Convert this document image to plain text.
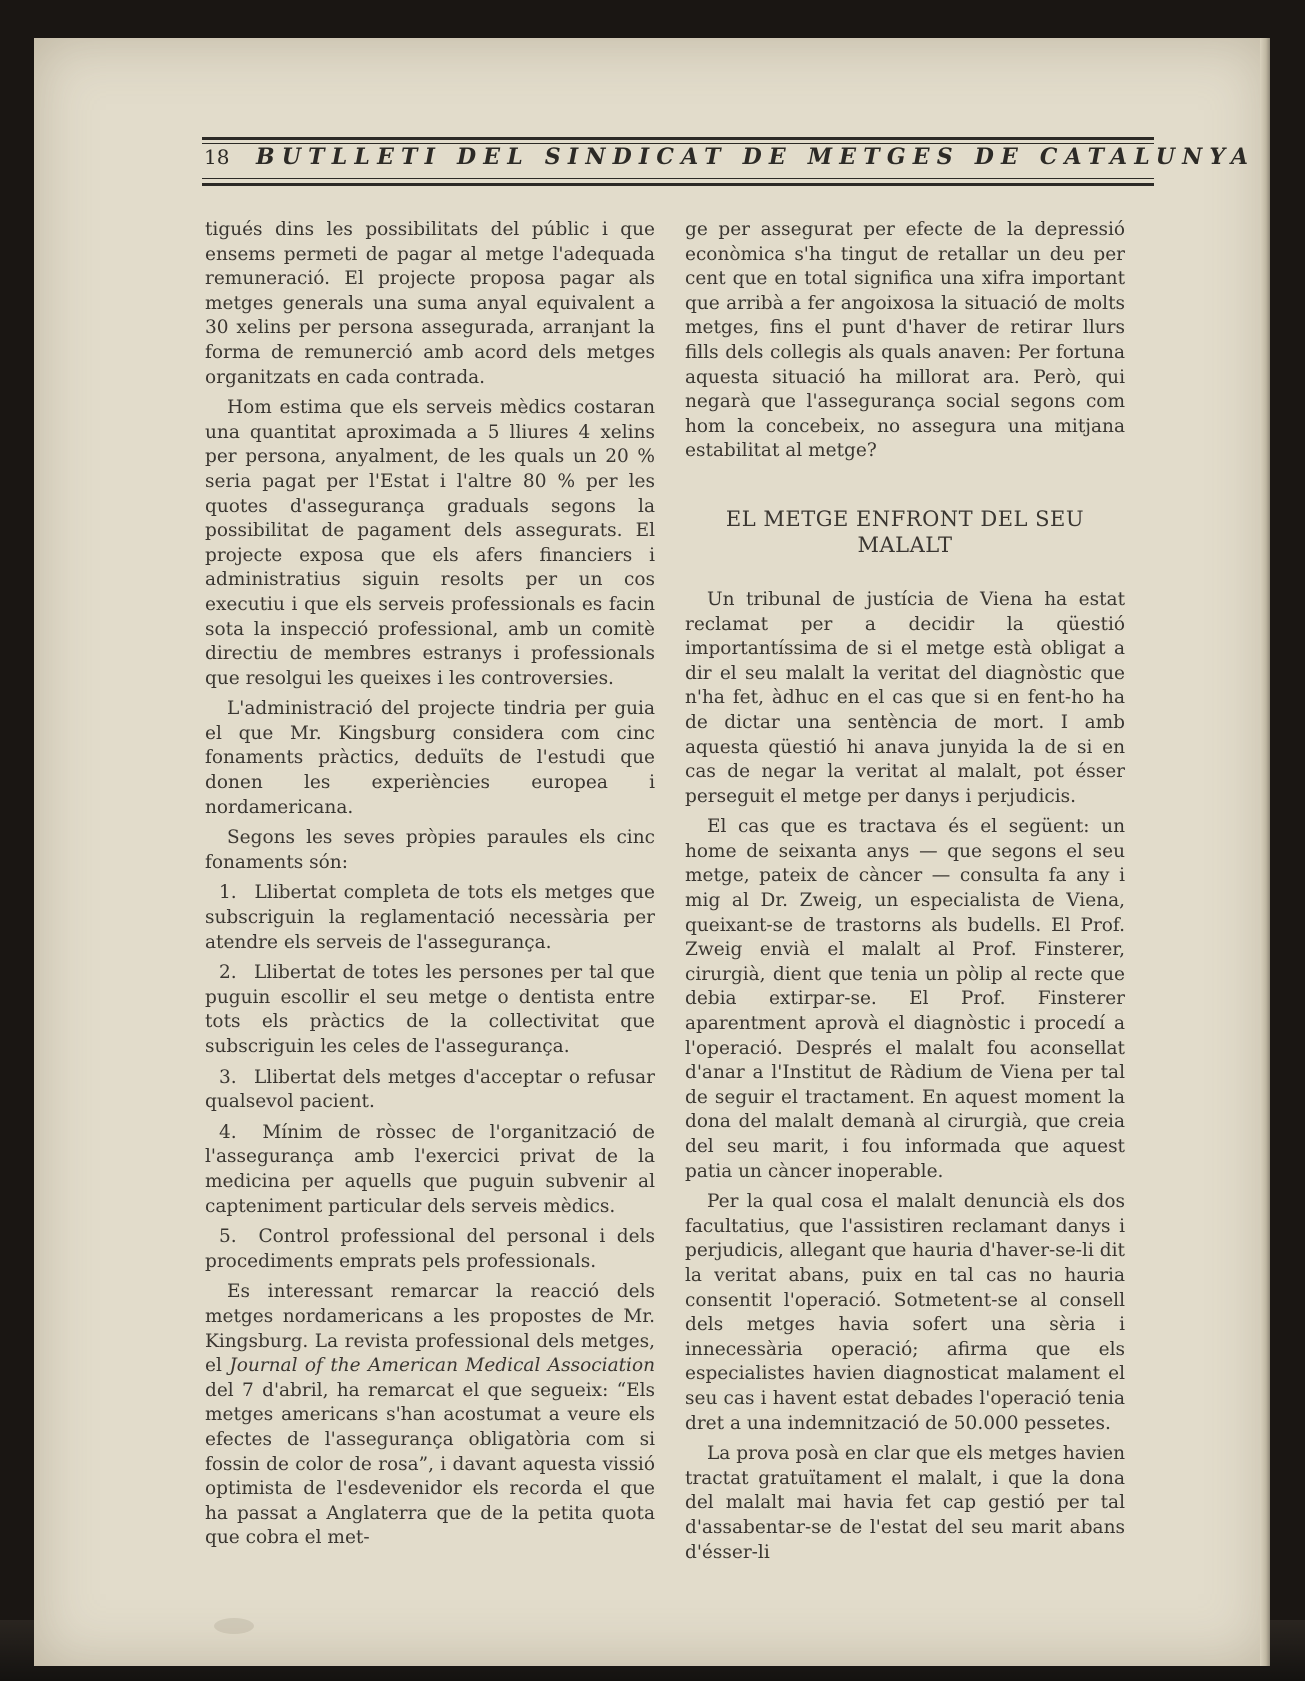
18 BUTLLETI DEL SINDICAT DE METGES DE CATALUNYA

tigués dins les possibilitats del públic i que ensems permeti de pagar al metge l'adequada remuneració. El projecte proposa pagar als metges generals una suma anyal equivalent a 30 xelins per persona assegurada, arranjant la forma de remunerció amb acord dels metges organitzats en cada contrada.

Hom estima que els serveis mèdics costaran una quantitat aproximada a 5 lliures 4 xelins per persona, anyalment, de les quals un 20 % seria pagat per l'Estat i l'altre 80 % per les quotes d'assegurança graduals segons la possibilitat de pagament dels assegurats. El projecte exposa que els afers financiers i administratius siguin resolts per un cos executiu i que els serveis professionals es facin sota la inspecció professional, amb un comitè directiu de membres estranys i professionals que resolgui les queixes i les controversies.

L'administració del projecte tindria per guia el que Mr. Kingsburg considera com cinc fonaments pràctics, deduïts de l'estudi que donen les experiències europea i nordamericana.

Segons les seves pròpies paraules els cinc fonaments són:

1. Llibertat completa de tots els metges que subscriguin la reglamentació necessària per atendre els serveis de l'assegurança.

2. Llibertat de totes les persones per tal que puguin escollir el seu metge o dentista entre tots els pràctics de la collectivitat que subscriguin les celes de l'assegurança.

3. Llibertat dels metges d'acceptar o refusar qualsevol pacient.

4. Mínim de ròssec de l'organització de l'assegurança amb l'exercici privat de la medicina per aquells que puguin subvenir al capteniment particular dels serveis mèdics.

5. Control professional del personal i dels procediments emprats pels professionals.

Es interessant remarcar la reacció dels metges nordamericans a les propostes de Mr. Kingsburg. La revista professional dels metges, el Journal of the American Medical Association del 7 d'abril, ha remarcat el que segueix: “Els metges americans s'han acostumat a veure els efectes de l'assegurança obligatòria com si fossin de color de rosa”, i davant aquesta vissió optimista de l'esdevenidor els recorda el que ha passat a Anglaterra que de la petita quota que cobra el met-

ge per assegurat per efecte de la depressió econòmica s'ha tingut de retallar un deu per cent que en total significa una xifra important que arribà a fer angoixosa la situació de molts metges, fins el punt d'haver de retirar llurs fills dels collegis als quals anaven: Per fortuna aquesta situació ha millorat ara. Però, qui negarà que l'assegurança social segons com hom la concebeix, no assegura una mitjana estabilitat al metge?

EL METGE ENFRONT DEL SEU MALALT

Un tribunal de justícia de Viena ha estat reclamat per a decidir la qüestió importantíssima de si el metge està obligat a dir el seu malalt la veritat del diagnòstic que n'ha fet, àdhuc en el cas que si en fent-ho ha de dictar una sentència de mort. I amb aquesta qüestió hi anava junyida la de si en cas de negar la veritat al malalt, pot ésser perseguit el metge per danys i perjudicis.

El cas que es tractava és el següent: un home de seixanta anys — que segons el seu metge, pateix de càncer — consulta fa any i mig al Dr. Zweig, un especialista de Viena, queixant-se de trastorns als budells. El Prof. Zweig envià el malalt al Prof. Finsterer, cirurgià, dient que tenia un pòlip al recte que debia extirpar-se. El Prof. Finsterer aparentment aprovà el diagnòstic i procedí a l'operació. Després el malalt fou aconsellat d'anar a l'Institut de Ràdium de Viena per tal de seguir el tractament. En aquest moment la dona del malalt demanà al cirurgià, que creia del seu marit, i fou informada que aquest patia un càncer inoperable.

Per la qual cosa el malalt denuncià els dos facultatius, que l'assistiren reclamant danys i perjudicis, allegant que hauria d'haver-se-li dit la veritat abans, puix en tal cas no hauria consentit l'operació. Sotmetent-se al consell dels metges havia sofert una sèria i innecessària operació; afirma que els especialistes havien diagnosticat malament el seu cas i havent estat debades l'operació tenia dret a una indemnització de 50.000 pessetes.

La prova posà en clar que els metges havien tractat gratuïtament el malalt, i que la dona del malalt mai havia fet cap gestió per tal d'assabentar-se de l'estat del seu marit abans d'ésser-li
